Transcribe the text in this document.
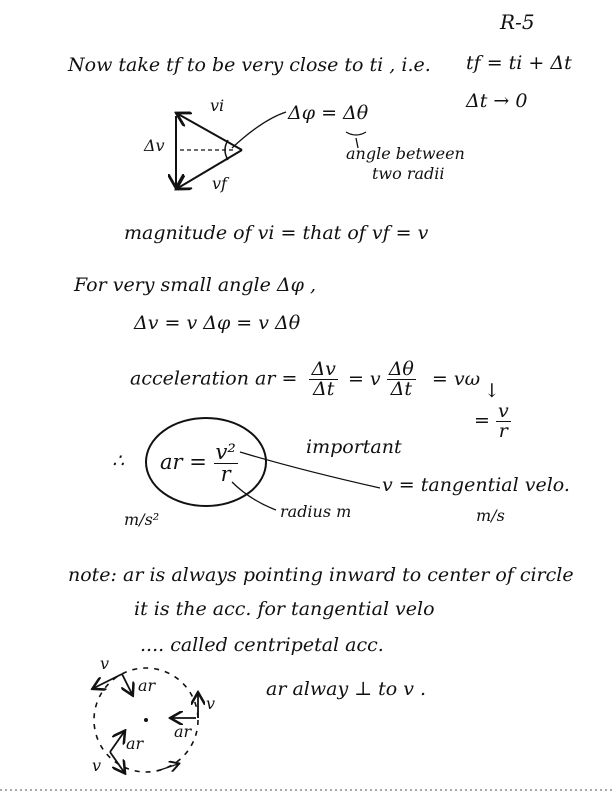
R-5
Now take tf to be very close to ti , i.e. tf = ti + Δt
Δt → 0
vi
Δv
vf
Δφ = Δθ
angle between
two radii
magnitude of vi = that of vf = v
For very small angle Δφ ,
Δv = v Δφ = v Δθ
acceleration ar = $\frac{\Delta v}{\Delta t} = v \frac{\Delta\theta}{\Delta t} = v\omega$
↓
= $\frac{v}{r}$
∴ ar = $\frac{\text{v²}}{r}$	important
v = tangential velo.
m/s
m/s²	radius m
note: ar is always pointing inward to center of circle
it is the acc. for tangential velo
.... called centripetal acc.
v
ar
v
ar
ar
v
ar alway ⊥ to v .
